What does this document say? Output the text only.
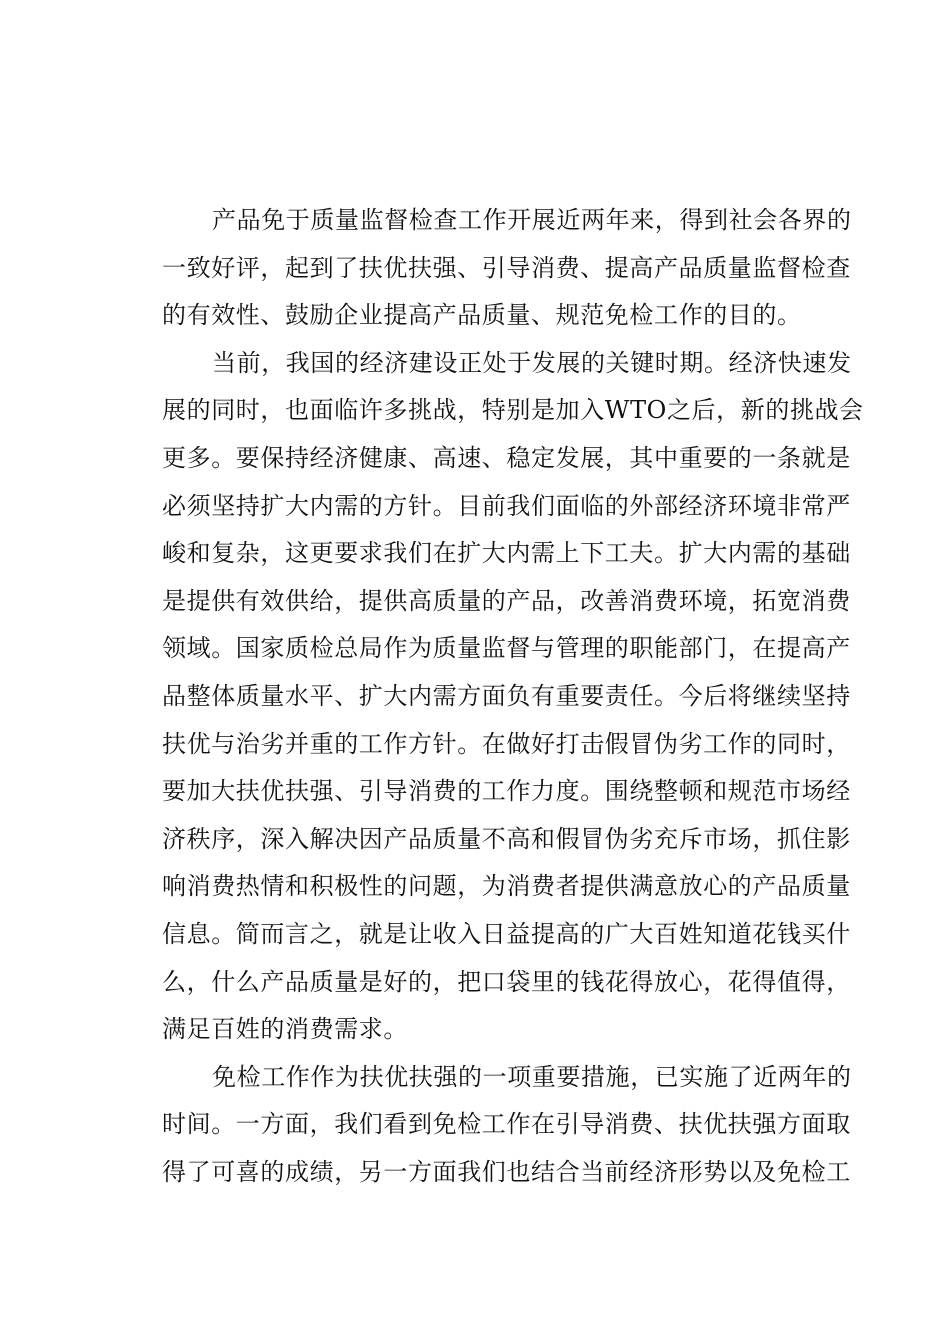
产品免于质量监督检查工作开展近两年来，得到社会各界的
一致好评，起到了扶优扶强、引导消费、提高产品质量监督检查
的有效性、鼓励企业提高产品质量、规范免检工作的目的。
当前，我国的经济建设正处于发展的关键时期。经济快速发
展的同时，也面临许多挑战，特别是加入WTO之后，新的挑战会
更多。要保持经济健康、高速、稳定发展，其中重要的一条就是
必须坚持扩大内需的方针。目前我们面临的外部经济环境非常严
峻和复杂，这更要求我们在扩大内需上下工夫。扩大内需的基础
是提供有效供给，提供高质量的产品，改善消费环境，拓宽消费
领域。国家质检总局作为质量监督与管理的职能部门，在提高产
品整体质量水平、扩大内需方面负有重要责任。今后将继续坚持
扶优与治劣并重的工作方针。在做好打击假冒伪劣工作的同时，
要加大扶优扶强、引导消费的工作力度。围绕整顿和规范市场经
济秩序，深入解决因产品质量不高和假冒伪劣充斥市场，抓住影
响消费热情和积极性的问题，为消费者提供满意放心的产品质量
信息。简而言之，就是让收入日益提高的广大百姓知道花钱买什
么，什么产品质量是好的，把口袋里的钱花得放心，花得值得，
满足百姓的消费需求。
免检工作作为扶优扶强的一项重要措施，已实施了近两年的
时间。一方面，我们看到免检工作在引导消费、扶优扶强方面取
得了可喜的成绩，另一方面我们也结合当前经济形势以及免检工
